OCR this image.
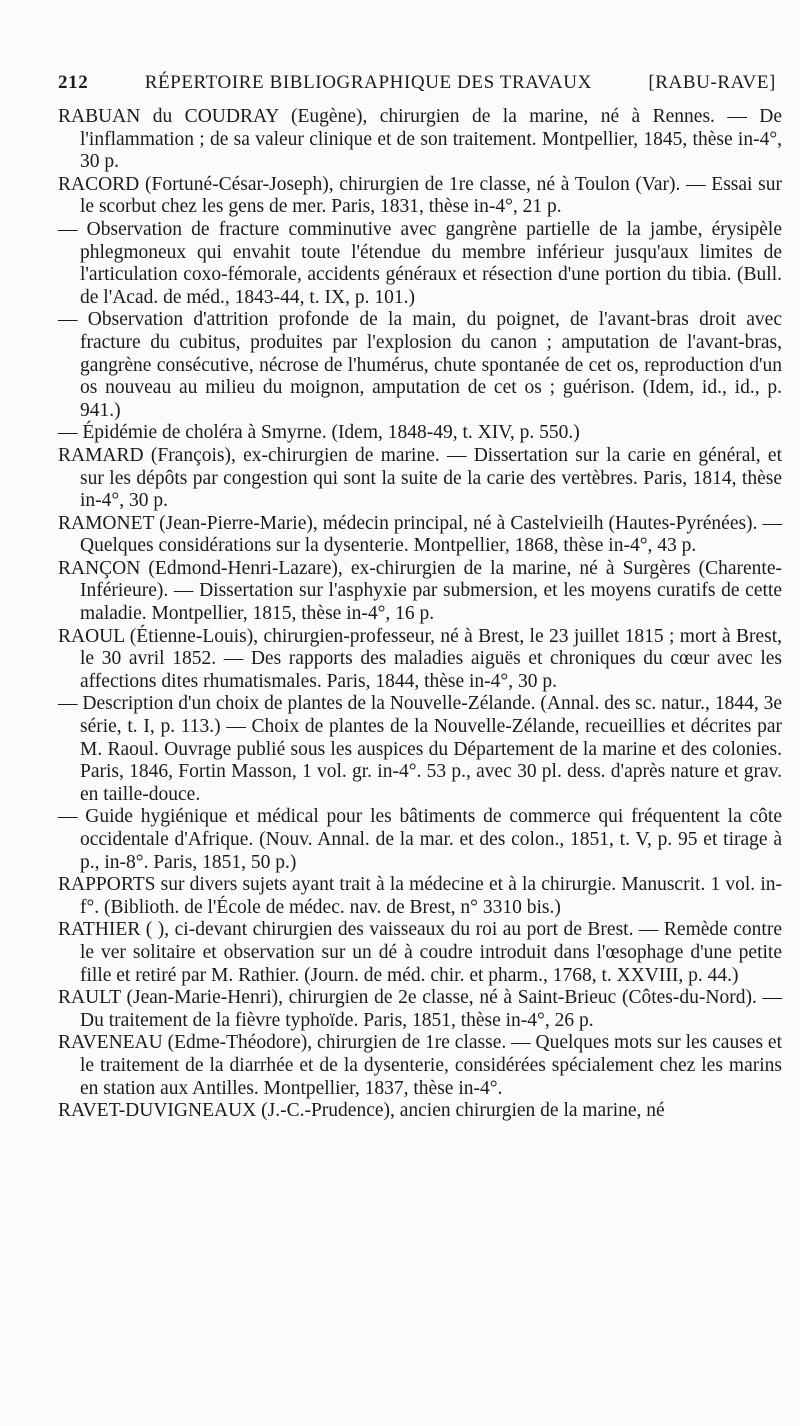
212	RÉPERTOIRE BIBLIOGRAPHIQUE DES TRAVAUX	[RABU-RAVE]

RABUAN du COUDRAY (Eugène), chirurgien de la marine, né à Rennes. — De l'inflammation ; de sa valeur clinique et de son traitement. Montpellier, 1845, thèse in-4°, 30 p.

RACORD (Fortuné-César-Joseph), chirurgien de 1re classe, né à Toulon (Var). — Essai sur le scorbut chez les gens de mer. Paris, 1831, thèse in-4°, 21 p.

— Observation de fracture comminutive avec gangrène partielle de la jambe, érysipèle phlegmoneux qui envahit toute l'étendue du membre inférieur jusqu'aux limites de l'articulation coxo-fémorale, accidents généraux et résection d'une portion du tibia. (Bull. de l'Acad. de méd., 1843-44, t. IX, p. 101.)

— Observation d'attrition profonde de la main, du poignet, de l'avant-bras droit avec fracture du cubitus, produites par l'explosion du canon ; amputation de l'avant-bras, gangrène consécutive, nécrose de l'humérus, chute spontanée de cet os, reproduction d'un os nouveau au milieu du moignon, amputation de cet os ; guérison. (Idem, id., id., p. 941.)

— Épidémie de choléra à Smyrne. (Idem, 1848-49, t. XIV, p. 550.)

RAMARD (François), ex-chirurgien de marine. — Dissertation sur la carie en général, et sur les dépôts par congestion qui sont la suite de la carie des vertèbres. Paris, 1814, thèse in-4°, 30 p.

RAMONET (Jean-Pierre-Marie), médecin principal, né à Castelvieilh (Hautes-Pyrénées). — Quelques considérations sur la dysenterie. Montpellier, 1868, thèse in-4°, 43 p.

RANÇON (Edmond-Henri-Lazare), ex-chirurgien de la marine, né à Surgères (Charente-Inférieure). — Dissertation sur l'asphyxie par submersion, et les moyens curatifs de cette maladie. Montpellier, 1815, thèse in-4°, 16 p.

RAOUL (Étienne-Louis), chirurgien-professeur, né à Brest, le 23 juillet 1815 ; mort à Brest, le 30 avril 1852. — Des rapports des maladies aiguës et chroniques du cœur avec les affections dites rhumatismales. Paris, 1844, thèse in-4°, 30 p.

— Description d'un choix de plantes de la Nouvelle-Zélande. (Annal. des sc. natur., 1844, 3e série, t. I, p. 113.) — Choix de plantes de la Nouvelle-Zélande, recueillies et décrites par M. Raoul. Ouvrage publié sous les auspices du Département de la marine et des colonies. Paris, 1846, Fortin Masson, 1 vol. gr. in-4°. 53 p., avec 30 pl. dess. d'après nature et grav. en taille-douce.

— Guide hygiénique et médical pour les bâtiments de commerce qui fréquentent la côte occidentale d'Afrique. (Nouv. Annal. de la mar. et des colon., 1851, t. V, p. 95 et tirage à p., in-8°. Paris, 1851, 50 p.)

RAPPORTS sur divers sujets ayant trait à la médecine et à la chirurgie. Manuscrit. 1 vol. in-f°. (Biblioth. de l'École de médec. nav. de Brest, n° 3310 bis.)

RATHIER ( ), ci-devant chirurgien des vaisseaux du roi au port de Brest. — Remède contre le ver solitaire et observation sur un dé à coudre introduit dans l'œsophage d'une petite fille et retiré par M. Rathier. (Journ. de méd. chir. et pharm., 1768, t. XXVIII, p. 44.)

RAULT (Jean-Marie-Henri), chirurgien de 2e classe, né à Saint-Brieuc (Côtes-du-Nord). — Du traitement de la fièvre typhoïde. Paris, 1851, thèse in-4°, 26 p.

RAVENEAU (Edme-Théodore), chirurgien de 1re classe. — Quelques mots sur les causes et le traitement de la diarrhée et de la dysenterie, considérées spécialement chez les marins en station aux Antilles. Montpellier, 1837, thèse in-4°.

RAVET-DUVIGNEAUX (J.-C.-Prudence), ancien chirurgien de la marine, né
